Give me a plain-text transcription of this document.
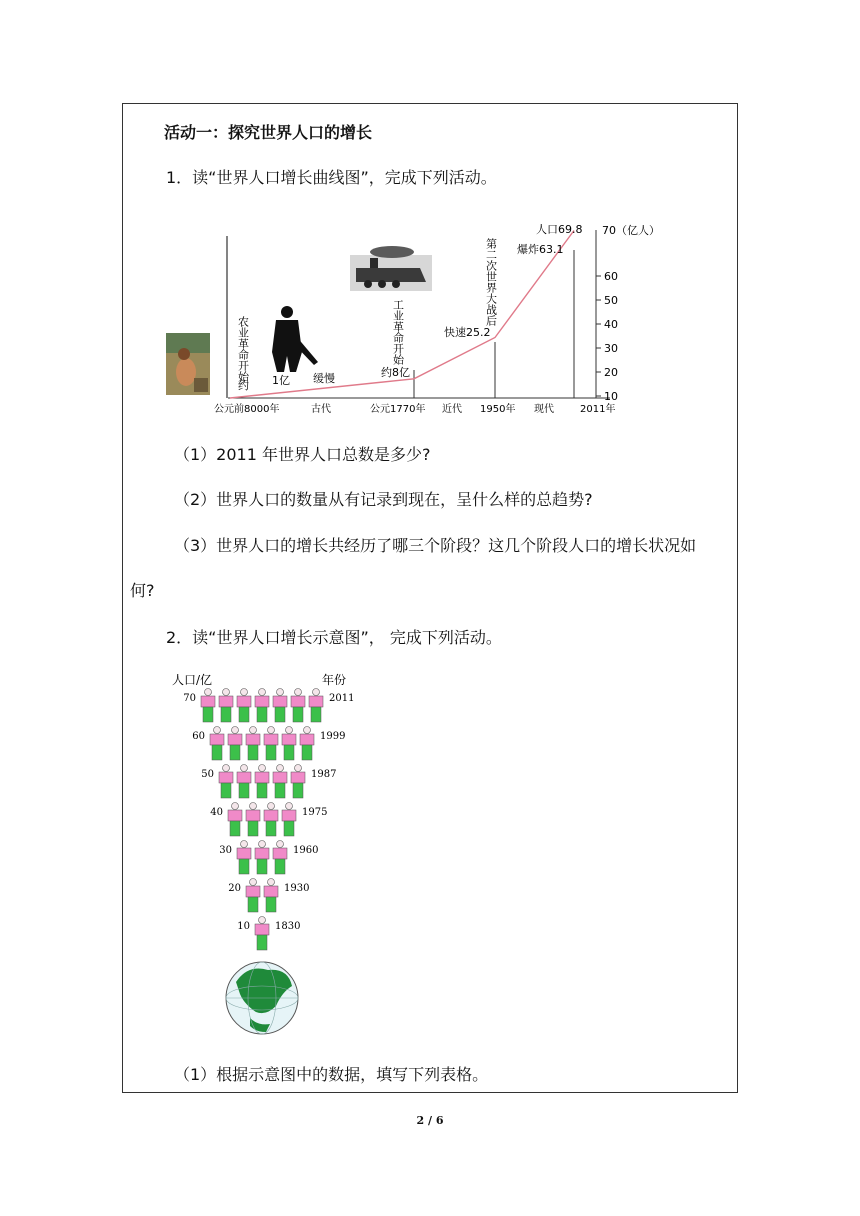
活动一：探究世界人口的增长
1．读“世界人口增长曲线图”，完成下列活动。
60
50
40
30
20
10
70（亿人）
人口69.8
爆炸63.1
快速25.2
约8亿
缓慢
1亿
约
农业革命开始	工业革命开始
第二次世界大战后
公元前8000年	古代	公元1770年 近代 1950年 现代	2011年
（1）2011 年世界人口总数是多少?
（2）世界人口的数量从有记录到现在，呈什么样的总趋势?
（3）世界人口的增长共经历了哪三个阶段？这几个阶段人口的增长状况如
何?
2．读“世界人口增长示意图”， 完成下列活动。
人口/亿	年份
70	2011
60	1999
50	1987
40	1975
30	1960
20	1930
10	1830
（1）根据示意图中的数据，填写下列表格。
2 / 6
